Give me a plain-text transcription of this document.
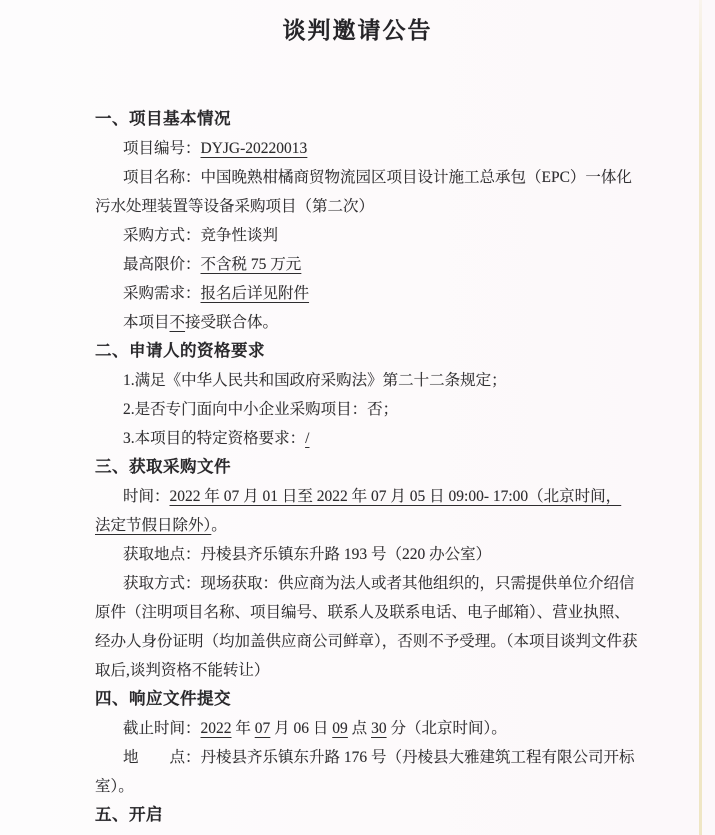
谈判邀请公告
一、项目基本情况
项目编号：DYJG-20220013
项目名称：中国晚熟柑橘商贸物流园区项目设计施工总承包（EPC）一体化
污水处理装置等设备采购项目（第二次）
采购方式：竞争性谈判
最高限价：不含税 75 万元
采购需求：报名后详见附件
本项目不接受联合体。
二、申请人的资格要求
1.满足《中华人民共和国政府采购法》第二十二条规定；
2.是否专门面向中小企业采购项目：否；
3.本项目的特定资格要求：/
三、获取采购文件
时间：2022 年 07 月 01 日至 2022 年 07 月 05 日 09:00- 17:00（北京时间，
法定节假日除外）。
获取地点：丹棱县齐乐镇东升路 193 号（220 办公室）
获取方式：现场获取：供应商为法人或者其他组织的，只需提供单位介绍信
原件（注明项目名称、项目编号、联系人及联系电话、电子邮箱）、营业执照、
经办人身份证明（均加盖供应商公司鲜章），否则不予受理。（本项目谈判文件获
取后,谈判资格不能转让）
四、响应文件提交
截止时间：2022 年 07 月 06 日 09 点 30 分（北京时间）。
地　　点：丹棱县齐乐镇东升路 176 号（丹棱县大雅建筑工程有限公司开标
室）。
五、开启
